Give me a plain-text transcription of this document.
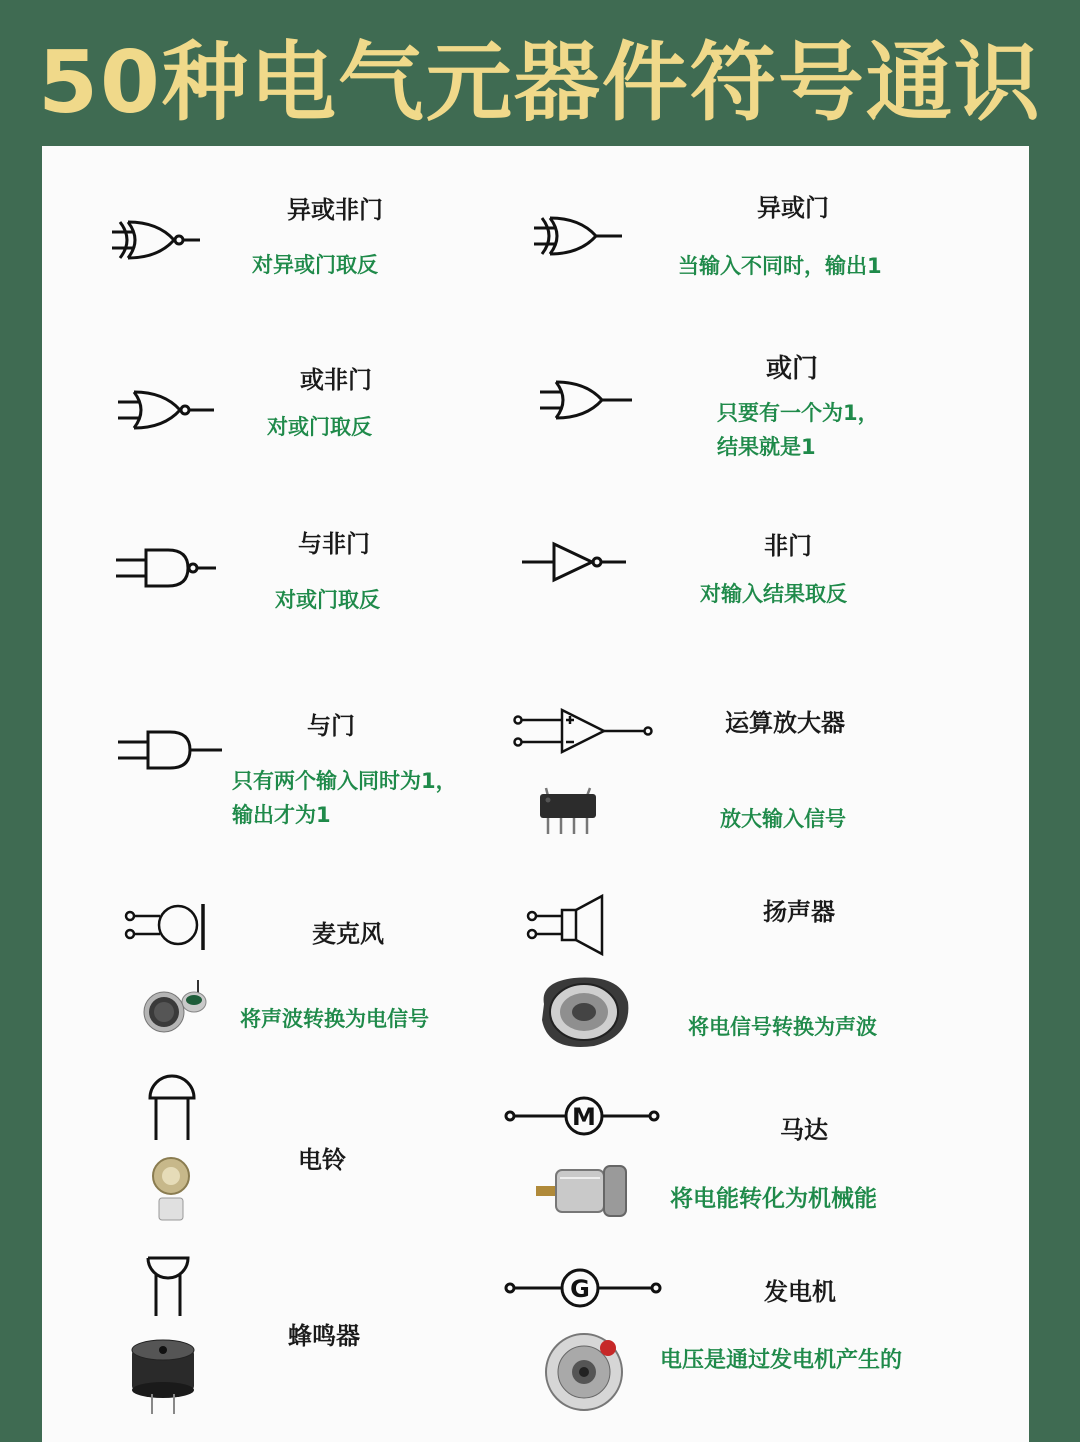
50种电气元器件符号通识
异或非门
对异或门取反
异或门
当输入不同时，输出1
或非门
对或门取反
或门
只要有一个为1，
结果就是1
与非门
对或门取反
非门
对输入结果取反
与门
只有两个输入同时为1，
输出才为1
运算放大器
放大输入信号
麦克风
将声波转换为电信号
扬声器
将电信号转换为声波
电铃
M	马达
将电能转化为机械能
蜂鸣器
G	发电机
电压是通过发电机产生的
